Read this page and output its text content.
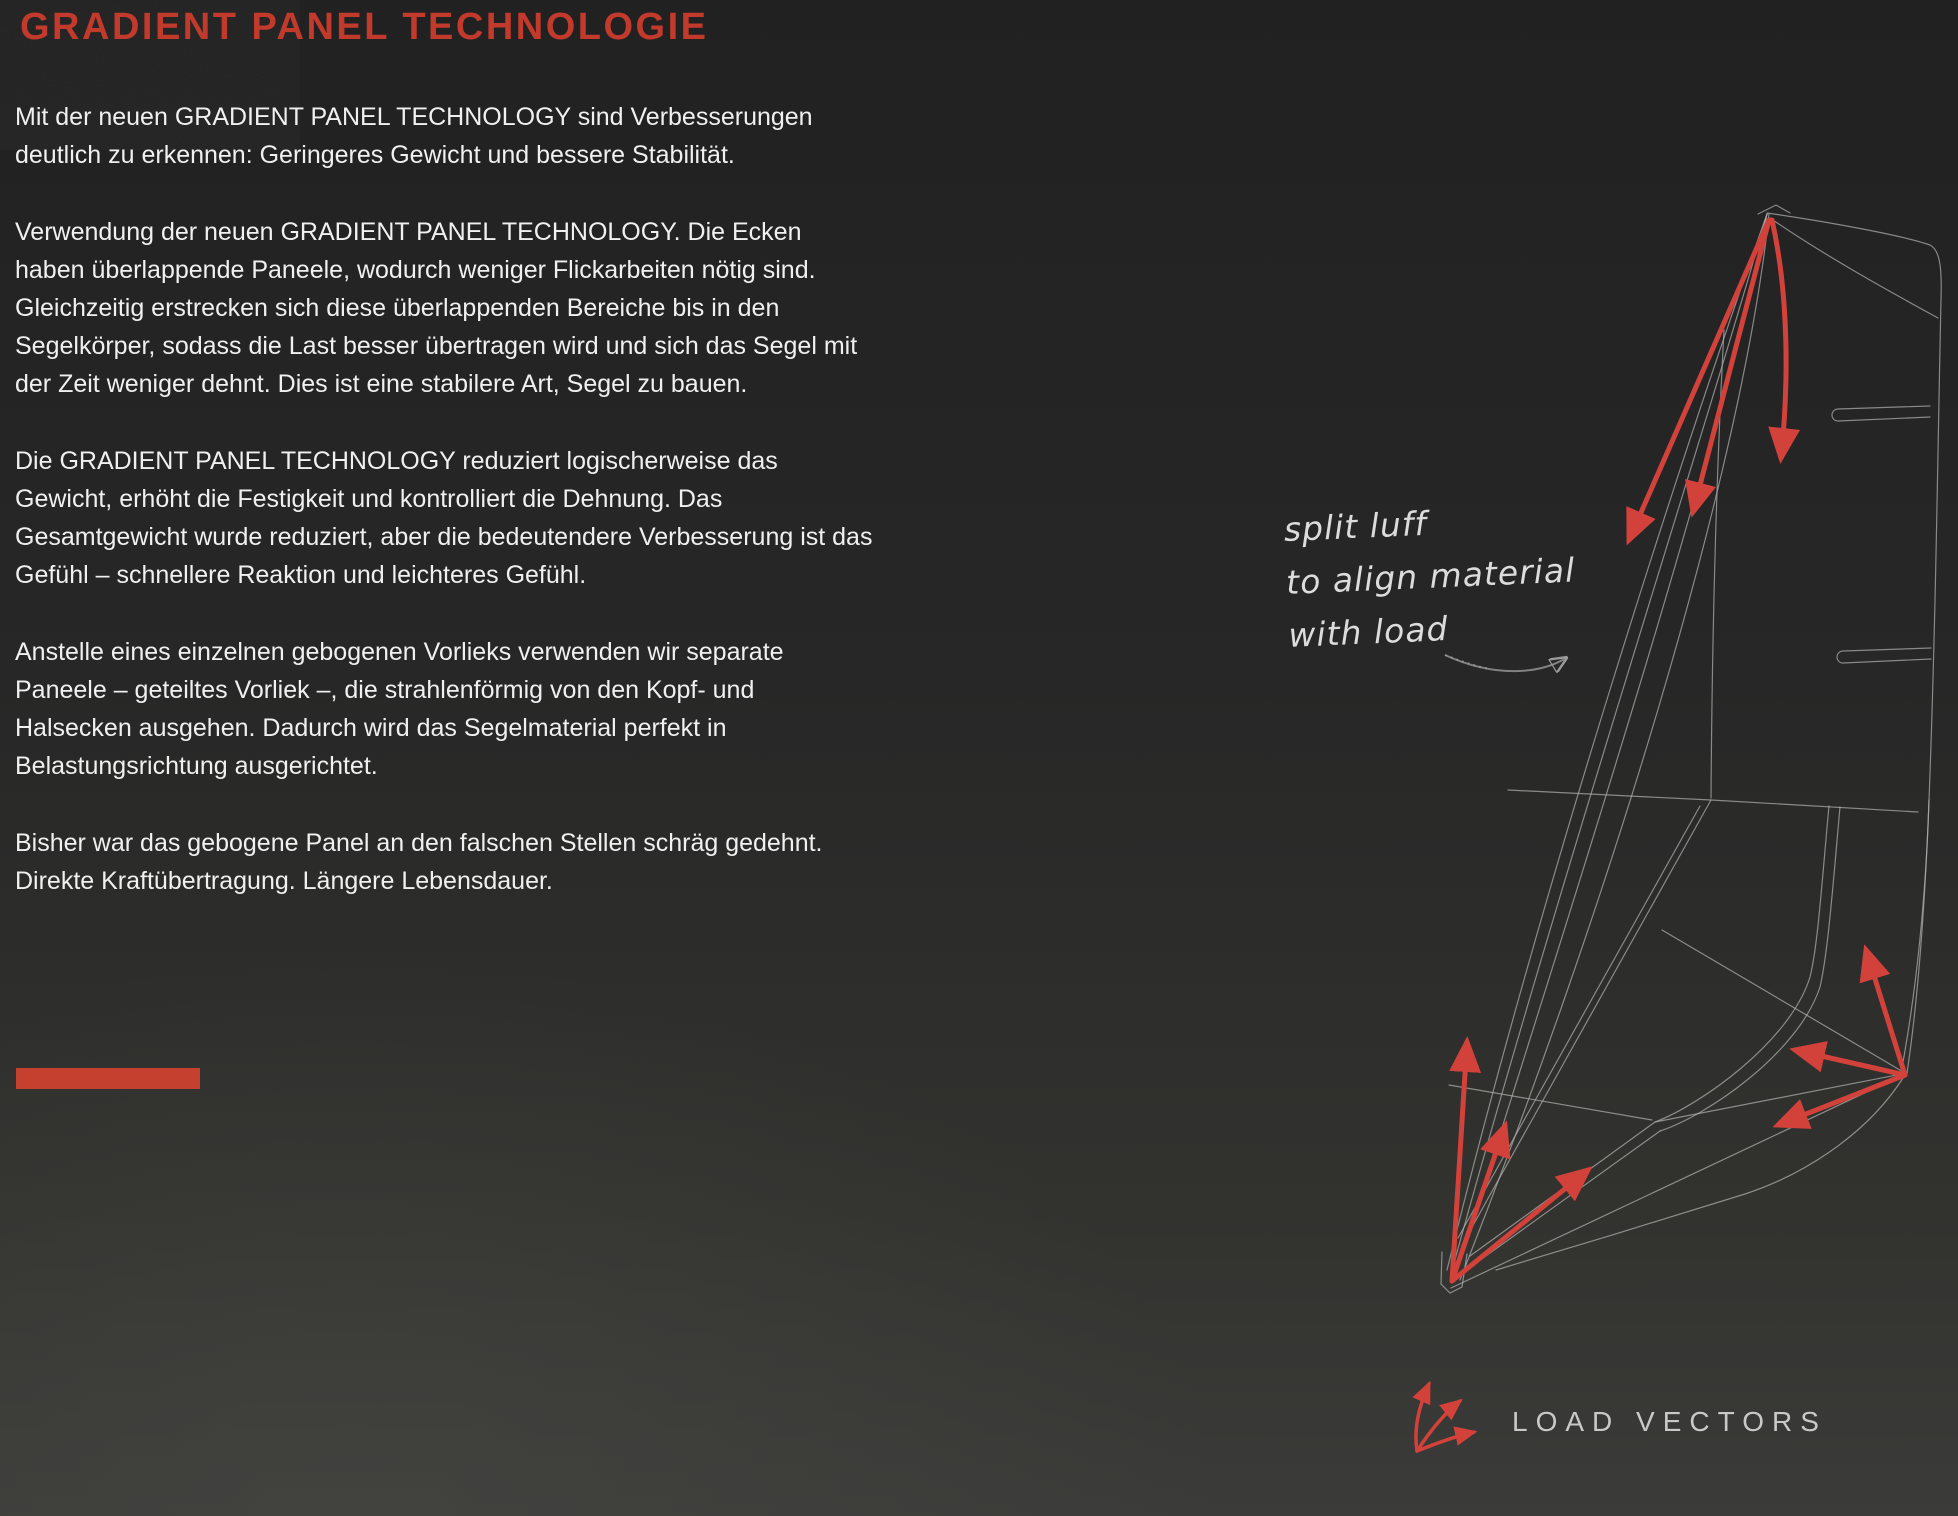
GRADIENT PANEL TECHNOLOGIE

Mit der neuen GRADIENT PANEL TECHNOLOGY sind Verbesserungen deutlich zu erkennen: Geringeres Gewicht und bessere Stabilität.

Verwendung der neuen GRADIENT PANEL TECHNOLOGY. Die Ecken haben überlappende Paneele, wodurch weniger Flickarbeiten nötig sind. Gleichzeitig erstrecken sich diese überlappenden Bereiche bis in den Segelkörper, sodass die Last besser übertragen wird und sich das Segel mit der Zeit weniger dehnt. Dies ist eine stabilere Art, Segel zu bauen.

Die GRADIENT PANEL TECHNOLOGY reduziert logischerweise das Gewicht, erhöht die Festigkeit und kontrolliert die Dehnung. Das Gesamtgewicht wurde reduziert, aber die bedeutendere Verbesserung ist das Gefühl – schnellere Reaktion und leichteres Gefühl.

Anstelle eines einzelnen gebogenen Vorlieks verwenden wir separate Paneele – geteiltes Vorliek –, die strahlenförmig von den Kopf- und Halsecken ausgehen. Dadurch wird das Segelmaterial perfekt in Belastungsrichtung ausgerichtet.

Bisher war das gebogene Panel an den falschen Stellen schräg gedehnt. Direkte Kraftübertragung. Längere Lebensdauer.

split luff
to align material
with load
LOAD VECTORS
